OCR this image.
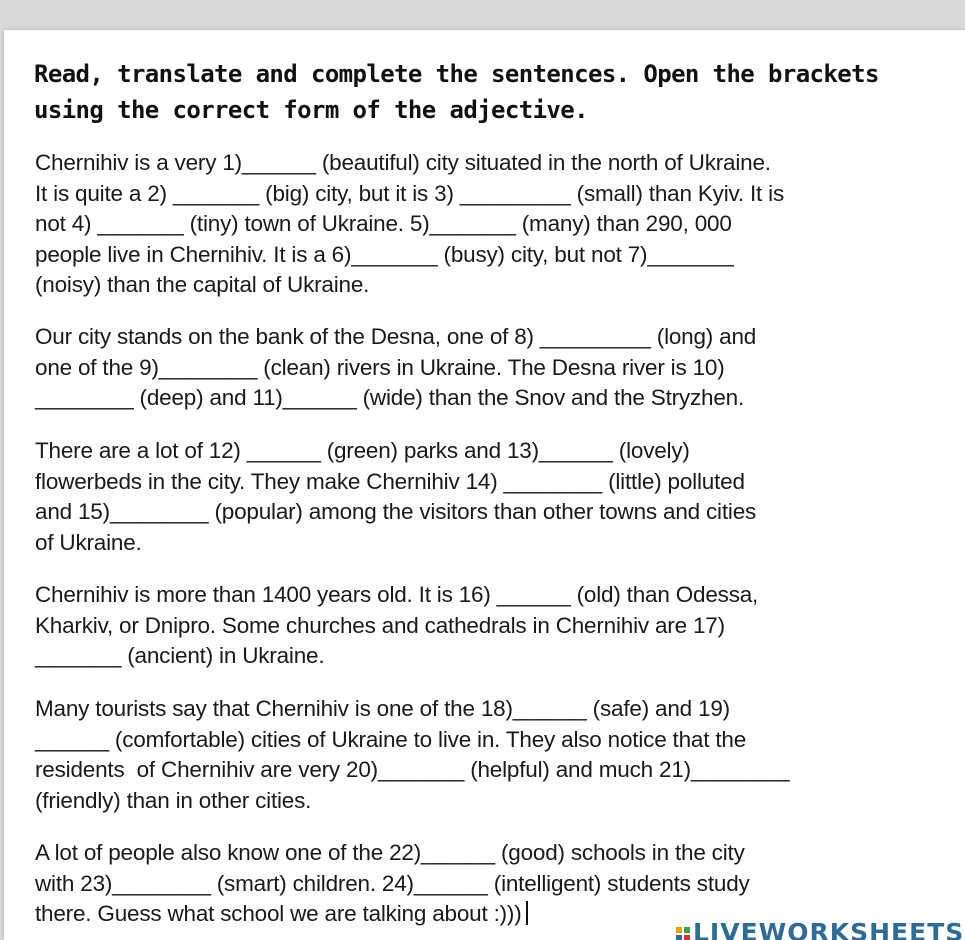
Read, translate and complete the sentences. Open the brackets
using the correct form of the adjective.
Chernihiv is a very 1)______ (beautiful) city situated in the north of Ukraine.
It is quite a 2) _______ (big) city, but it is 3) _________ (small) than Kyiv. It is
not 4) _______ (tiny) town of Ukraine. 5)_______ (many) than 290, 000
people live in Chernihiv. It is a 6)_______ (busy) city, but not 7)_______
(noisy) than the capital of Ukraine.
Our city stands on the bank of the Desna, one of 8) _________ (long) and
one of the 9)________ (clean) rivers in Ukraine. The Desna river is 10)
________ (deep) and 11)______ (wide) than the Snov and the Stryzhen.
There are a lot of 12) ______ (green) parks and 13)______ (lovely)
flowerbeds in the city. They make Chernihiv 14) ________ (little) polluted
and 15)________ (popular) among the visitors than other towns and cities
of Ukraine.
Chernihiv is more than 1400 years old. It is 16) ______ (old) than Odessa,
Kharkiv, or Dnipro. Some churches and cathedrals in Chernihiv are 17)
_______ (ancient) in Ukraine.
Many tourists say that Chernihiv is one of the 18)______ (safe) and 19)
______ (comfortable) cities of Ukraine to live in. They also notice that the
residents  of Chernihiv are very 20)_______ (helpful) and much 21)________
(friendly) than in other cities.
A lot of people also know one of the 22)______ (good) schools in the city
with 23)________ (smart) children. 24)______ (intelligent) students study
there. Guess what school we are talking about :)))
LIVEWORKSHEETS
